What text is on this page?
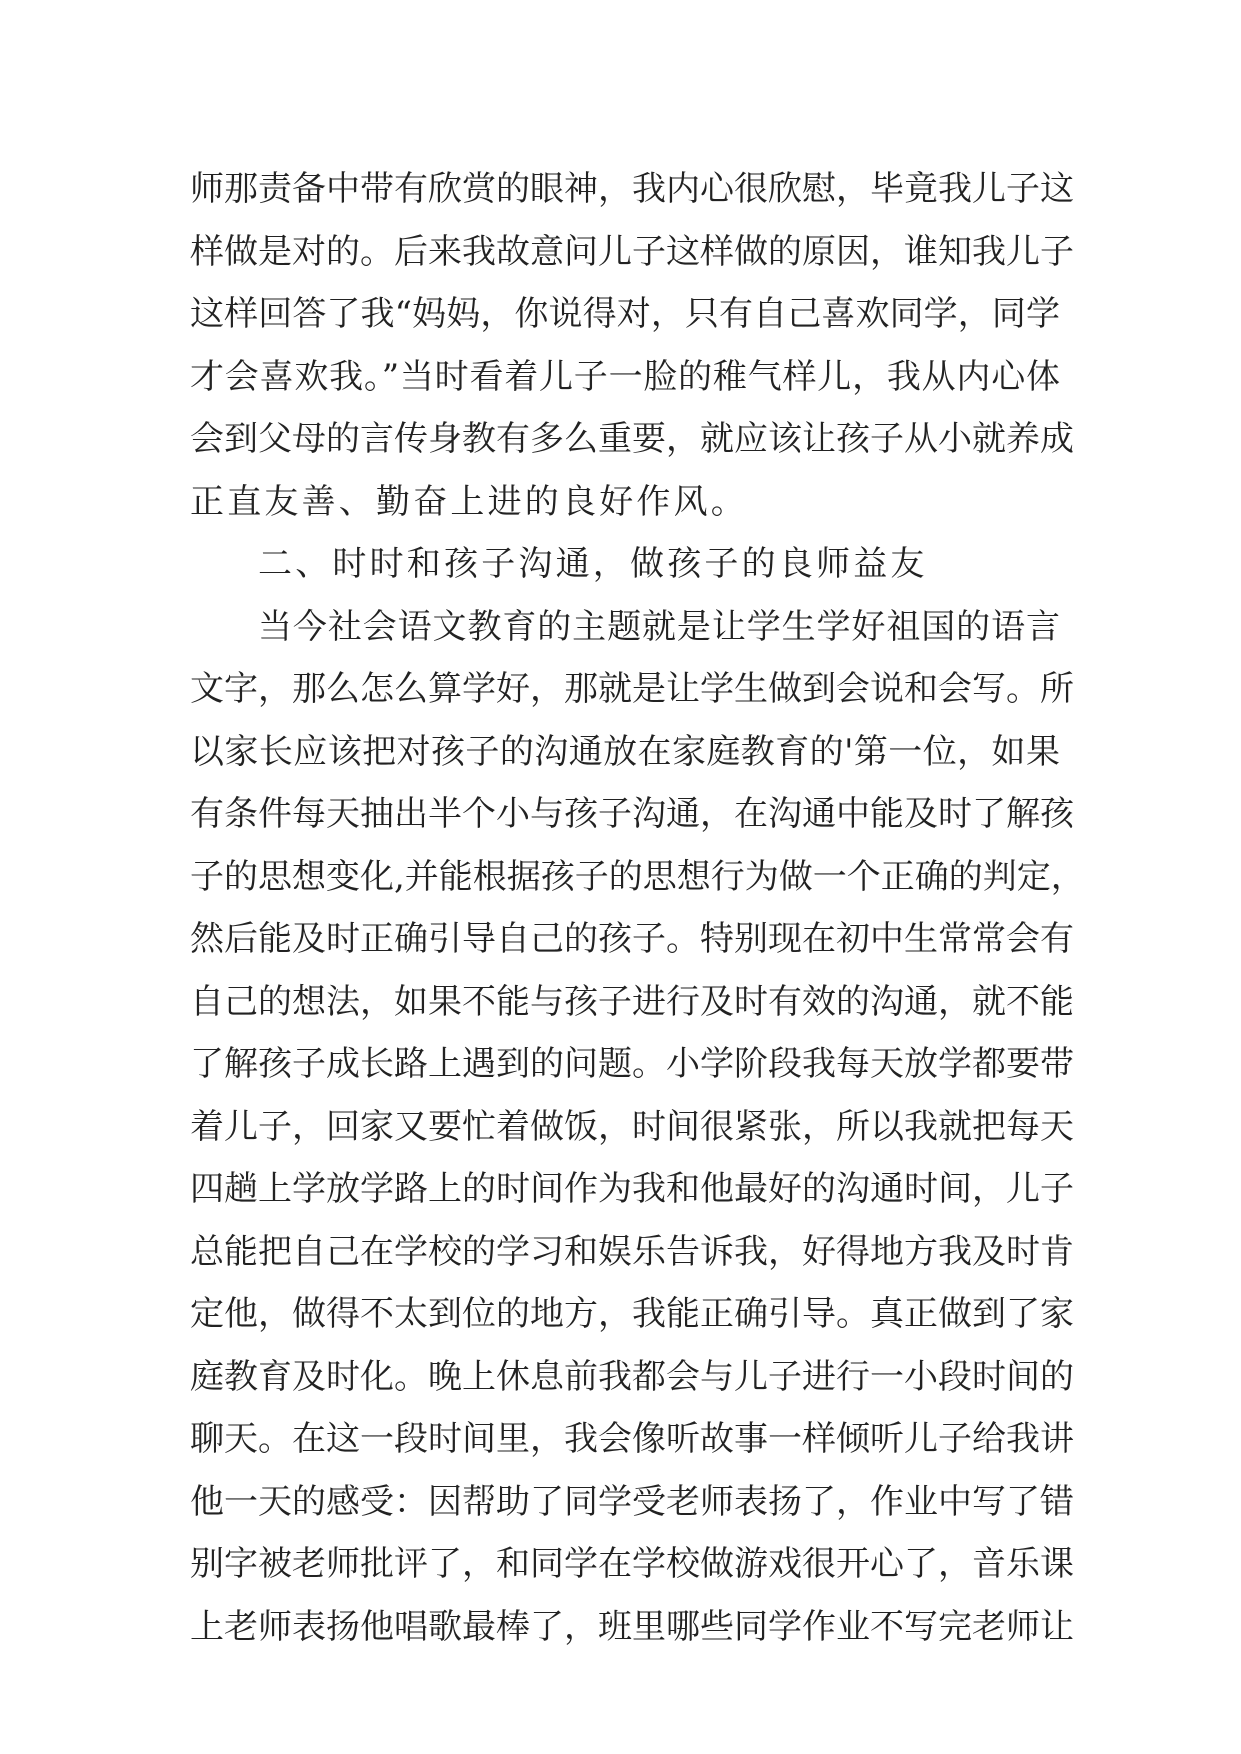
师那责备中带有欣赏的眼神，我内心很欣慰，毕竟我儿子这
样做是对的。后来我故意问儿子这样做的原因，谁知我儿子
这样回答了我“妈妈，你说得对，只有自己喜欢同学，同学
才会喜欢我。”当时看着儿子一脸的稚气样儿，我从内心体
会到父母的言传身教有多么重要，就应该让孩子从小就养成
正直友善、勤奋上进的良好作风。
二、时时和孩子沟通，做孩子的良师益友
当今社会语文教育的主题就是让学生学好祖国的语言
文字，那么怎么算学好，那就是让学生做到会说和会写。所
以家长应该把对孩子的沟通放在家庭教育的'第一位，如果
有条件每天抽出半个小与孩子沟通，在沟通中能及时了解孩
子的思想变化,并能根据孩子的思想行为做一个正确的判定，
然后能及时正确引导自己的孩子。特别现在初中生常常会有
自己的想法，如果不能与孩子进行及时有效的沟通，就不能
了解孩子成长路上遇到的问题。小学阶段我每天放学都要带
着儿子，回家又要忙着做饭，时间很紧张，所以我就把每天
四趟上学放学路上的时间作为我和他最好的沟通时间，儿子
总能把自己在学校的学习和娱乐告诉我，好得地方我及时肯
定他，做得不太到位的地方，我能正确引导。真正做到了家
庭教育及时化。晚上休息前我都会与儿子进行一小段时间的
聊天。在这一段时间里，我会像听故事一样倾听儿子给我讲
他一天的感受：因帮助了同学受老师表扬了，作业中写了错
别字被老师批评了，和同学在学校做游戏很开心了，音乐课
上老师表扬他唱歌最棒了，班里哪些同学作业不写完老师让
